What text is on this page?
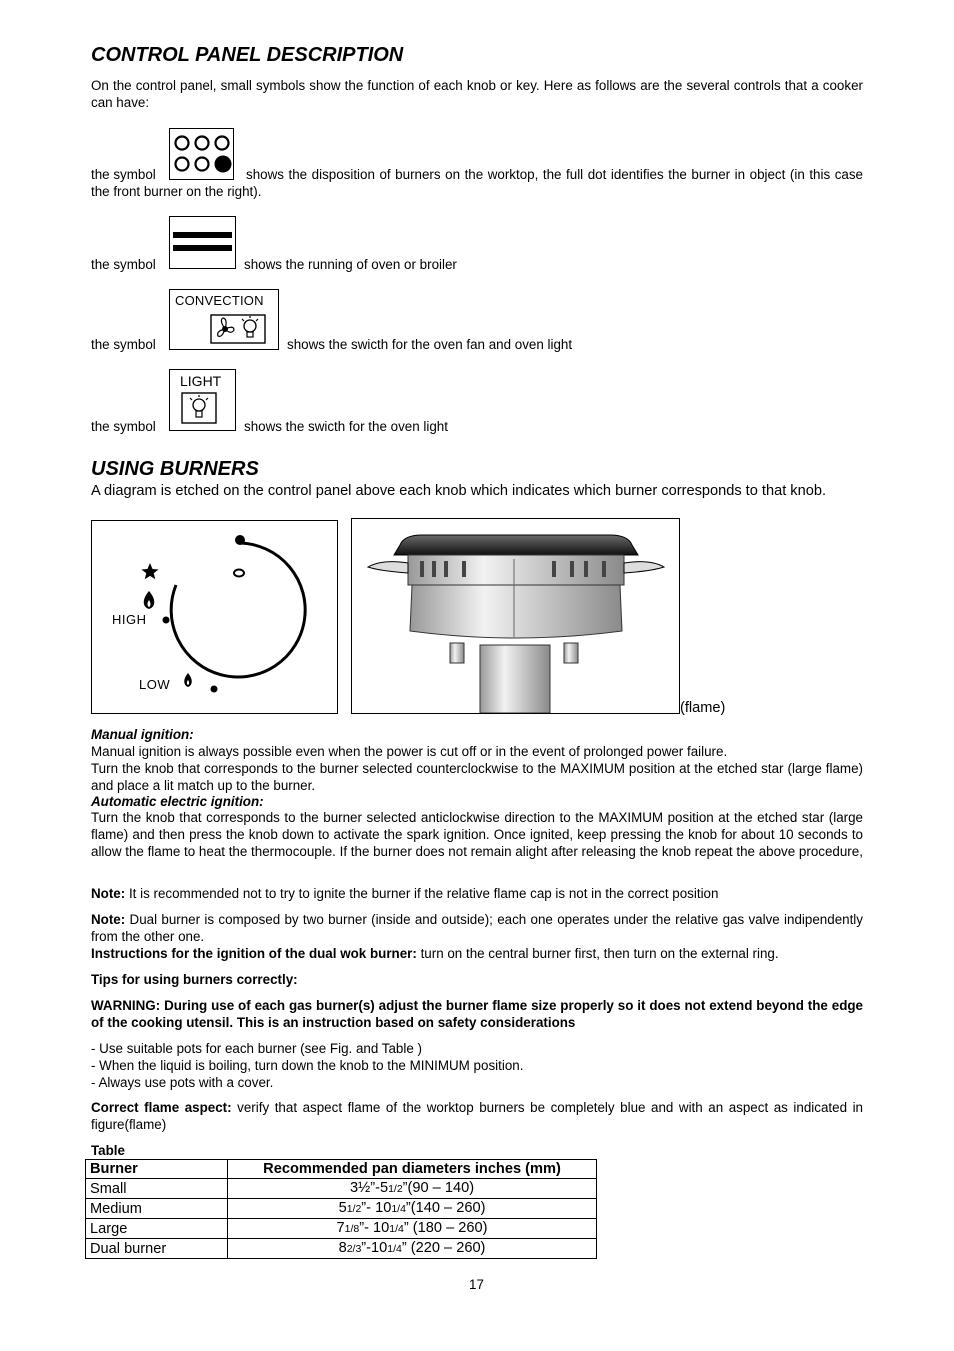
CONTROL PANEL DESCRIPTION
On the control panel, small symbols show the function of each knob or key. Here as follows are the several controls that a cooker can have:
the symbol	shows the disposition of burners on the worktop, the full dot identifies the burner in object (in this case the front burner on the right).
the symbol	shows the running of oven or broiler
CONVECTION
the symbol	shows the swicth for the oven fan and oven light
LIGHT
the symbol	shows the swicth for the oven light
USING BURNERS
A diagram is etched on the control panel above each knob which indicates which burner corresponds to that knob.
HIGH
LOW
(flame)
Manual ignition:
Manual ignition is always possible even when the power is cut off or in the event of prolonged power failure.
Turn the knob that corresponds to the burner selected counterclockwise to the MAXIMUM position at the etched star (large flame) and place a lit match up to the burner.
Automatic electric ignition:
Turn the knob that corresponds to the burner selected anticlockwise direction to the MAXIMUM position at the etched star (large flame) and then press the knob down to activate the spark ignition. Once ignited, keep pressing the knob for about 10 seconds to allow the flame to heat the thermocouple. If the burner does not remain alight after releasing the knob repeat the above procedure,
Note: It is recommended not to try to ignite the burner if the relative flame cap is not in the correct position
Note: Dual burner is composed by two burner (inside and outside); each one operates under the relative gas valve indipendently from the other one.
Instructions for the ignition of the dual wok burner: turn on the central burner first, then turn on the external ring.
Tips for using burners correctly:
WARNING: During use of each gas burner(s) adjust the burner flame size properly so it does not extend beyond the edge of the cooking utensil. This is an instruction based on safety considerations
- Use suitable pots for each burner (see Fig. and Table )
- When the liquid is boiling, turn down the knob to the MINIMUM position.
- Always use pots with a cover.
Correct flame aspect: verify that aspect flame of the worktop burners be completely blue and with an aspect as indicated in figure(flame)
Table
Burner	Recommended pan diameters inches (mm)
Small	3½”-51/2”(90 – 140)
Medium	51/2”- 101/4”(140 – 260)
Large	71/8”- 101/4” (180 – 260)
Dual burner	82/3”-101/4” (220 – 260)
17
